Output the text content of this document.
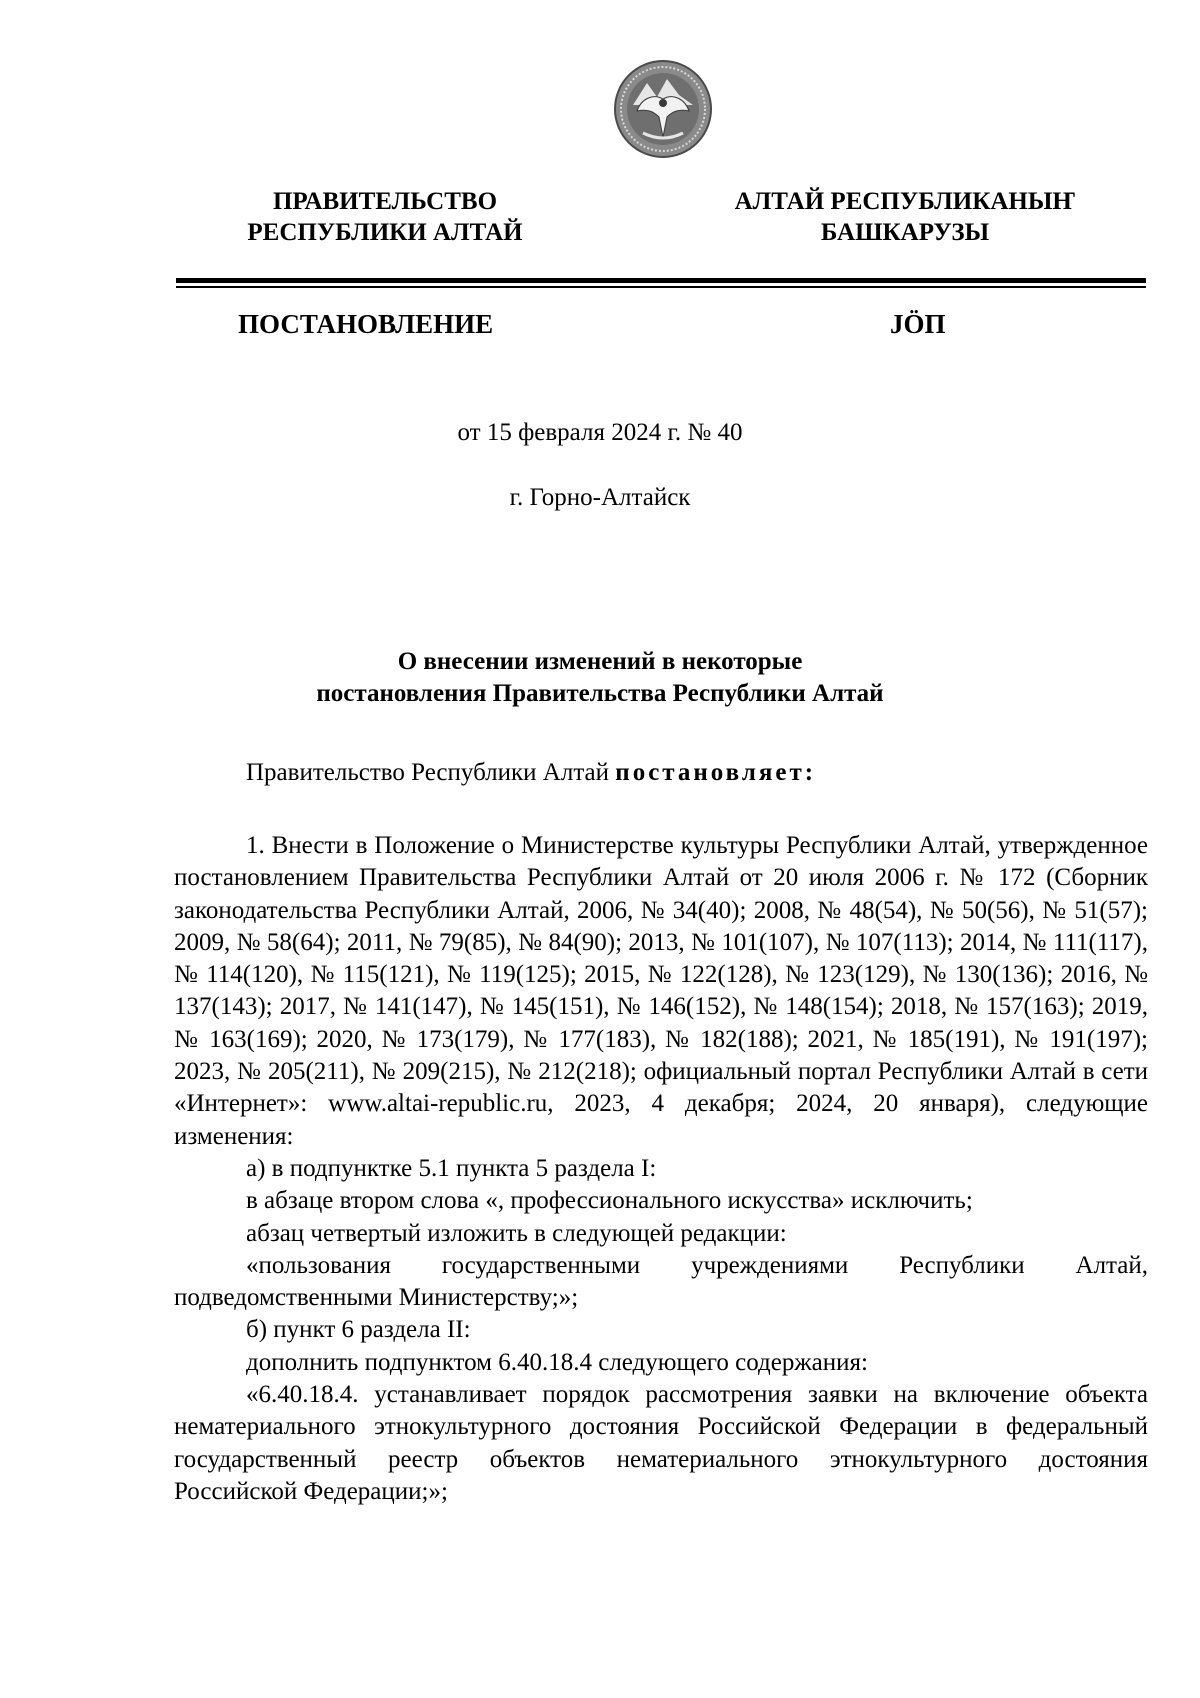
ПРАВИТЕЛЬСТВО
РЕСПУБЛИКИ АЛТАЙ
АЛТАЙ РЕСПУБЛИКАНЫҤ
БАШКАРУЗЫ
ПОСТАНОВЛЕНИЕ	JÖП
от 15 февраля 2024 г. № 40
г. Горно-Алтайск
О внесении изменений в некоторые
постановления Правительства Республики Алтай
Правительство Республики Алтай постановляет:

1. Внести в Положение о Министерстве культуры Республики Алтай, утвержденное постановлением Правительства Республики Алтай от 20 июля 2006 г. № 172 (Сборник законодательства Республики Алтай, 2006, № 34(40); 2008, № 48(54), № 50(56), № 51(57); 2009, № 58(64); 2011, № 79(85), № 84(90); 2013, № 101(107), № 107(113); 2014, № 111(117), № 114(120), № 115(121), № 119(125); 2015, № 122(128), № 123(129), № 130(136); 2016, № 137(143); 2017, № 141(147), № 145(151), № 146(152), № 148(154); 2018, № 157(163); 2019, № 163(169); 2020, № 173(179), № 177(183), № 182(188); 2021, № 185(191), № 191(197); 2023, № 205(211), № 209(215), № 212(218); официальный портал Республики Алтай в сети «Интернет»: www.altai-republic.ru, 2023, 4 декабря; 2024, 20 января), следующие изменения:

а) в подпунктке 5.1 пункта 5 раздела I:

в абзаце втором слова «, профессионального искусства» исключить;

абзац четвертый изложить в следующей редакции:

«пользования государственными учреждениями Республики Алтай, подведомственными Министерству;»;

б) пункт 6 раздела II:

дополнить подпунктом 6.40.18.4 следующего содержания:

«6.40.18.4. устанавливает порядок рассмотрения заявки на включение объекта нематериального этнокультурного достояния Российской Федерации в федеральный государственный реестр объектов нематериального этнокультурного достояния Российской Федерации;»;
